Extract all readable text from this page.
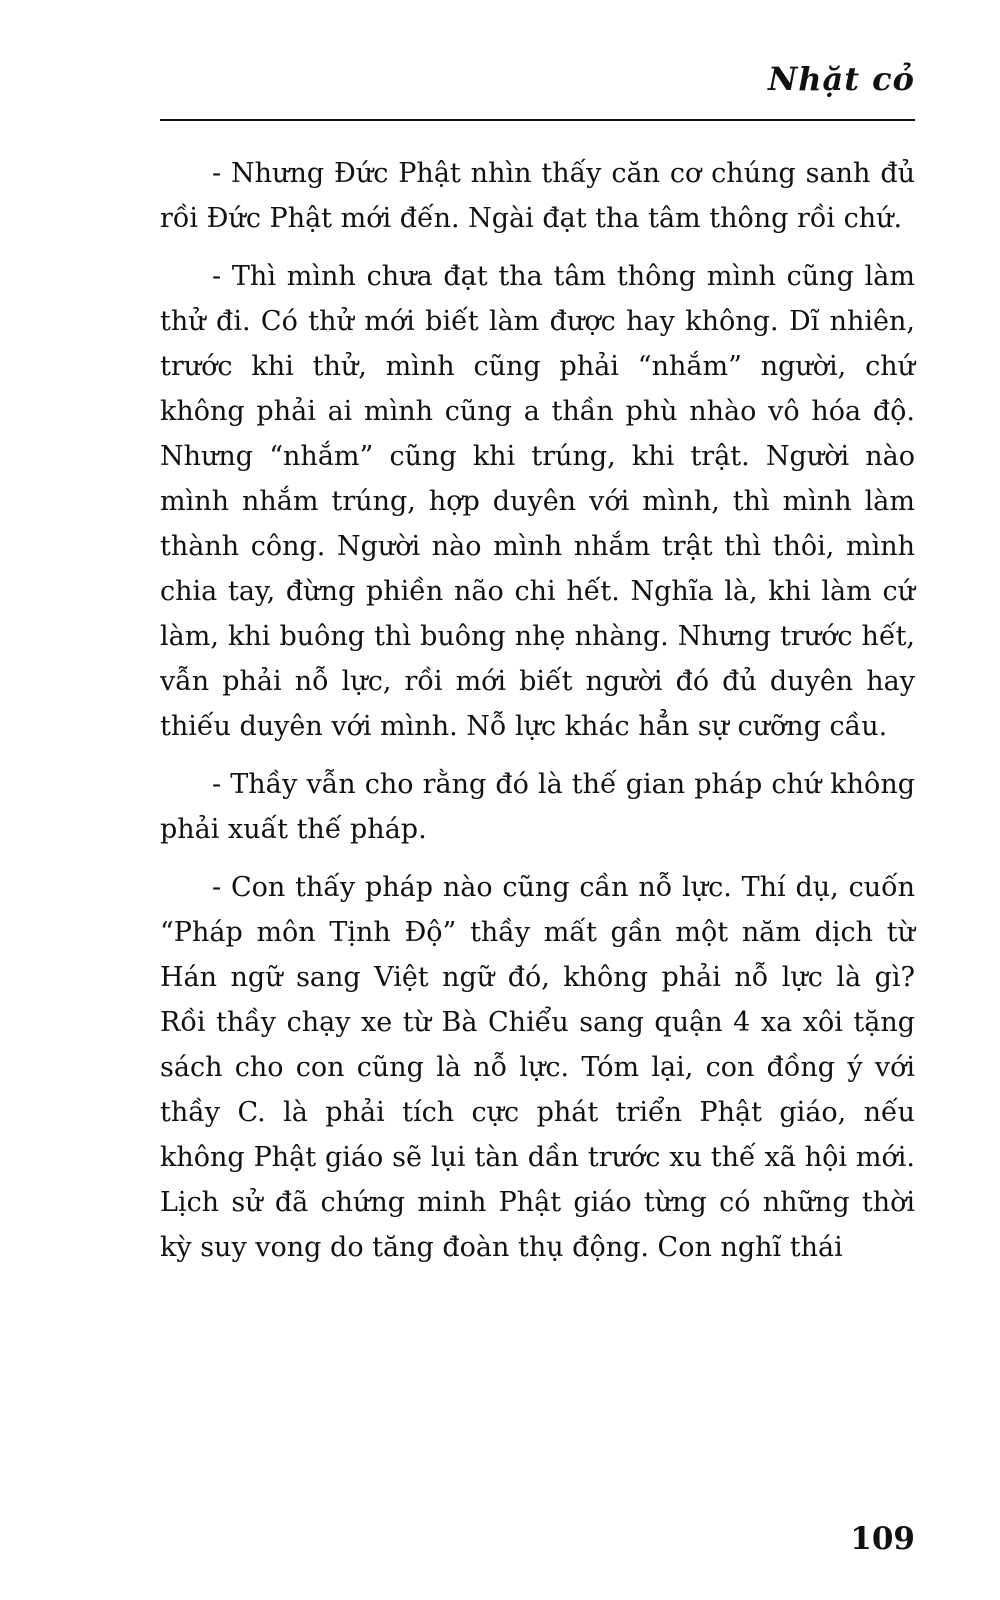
Nhặt cỏ

- Nhưng Đức Phật nhìn thấy căn cơ chúng sanh đủ rồi Đức Phật mới đến. Ngài đạt tha tâm thông rồi chứ.

- Thì mình chưa đạt tha tâm thông mình cũng làm thử đi. Có thử mới biết làm được hay không. Dĩ nhiên, trước khi thử, mình cũng phải “nhắm” người, chứ không phải ai mình cũng a thần phù nhào vô hóa độ. Nhưng “nhắm” cũng khi trúng, khi trật. Người nào mình nhắm trúng, hợp duyên với mình, thì mình làm thành công. Người nào mình nhắm trật thì thôi, mình chia tay, đừng phiền não chi hết. Nghĩa là, khi làm cứ làm, khi buông thì buông nhẹ nhàng. Nhưng trước hết, vẫn phải nỗ lực, rồi mới biết người đó đủ duyên hay thiếu duyên với mình. Nỗ lực khác hẳn sự cưỡng cầu.

- Thầy vẫn cho rằng đó là thế gian pháp chứ không phải xuất thế pháp.

- Con thấy pháp nào cũng cần nỗ lực. Thí dụ, cuốn “Pháp môn Tịnh Độ” thầy mất gần một năm dịch từ Hán ngữ sang Việt ngữ đó, không phải nỗ lực là gì? Rồi thầy chạy xe từ Bà Chiểu sang quận 4 xa xôi tặng sách cho con cũng là nỗ lực. Tóm lại, con đồng ý với thầy C. là phải tích cực phát triển Phật giáo, nếu không Phật giáo sẽ lụi tàn dần trước xu thế xã hội mới. Lịch sử đã chứng minh Phật giáo từng có những thời kỳ suy vong do tăng đoàn thụ động. Con nghĩ thái

109
